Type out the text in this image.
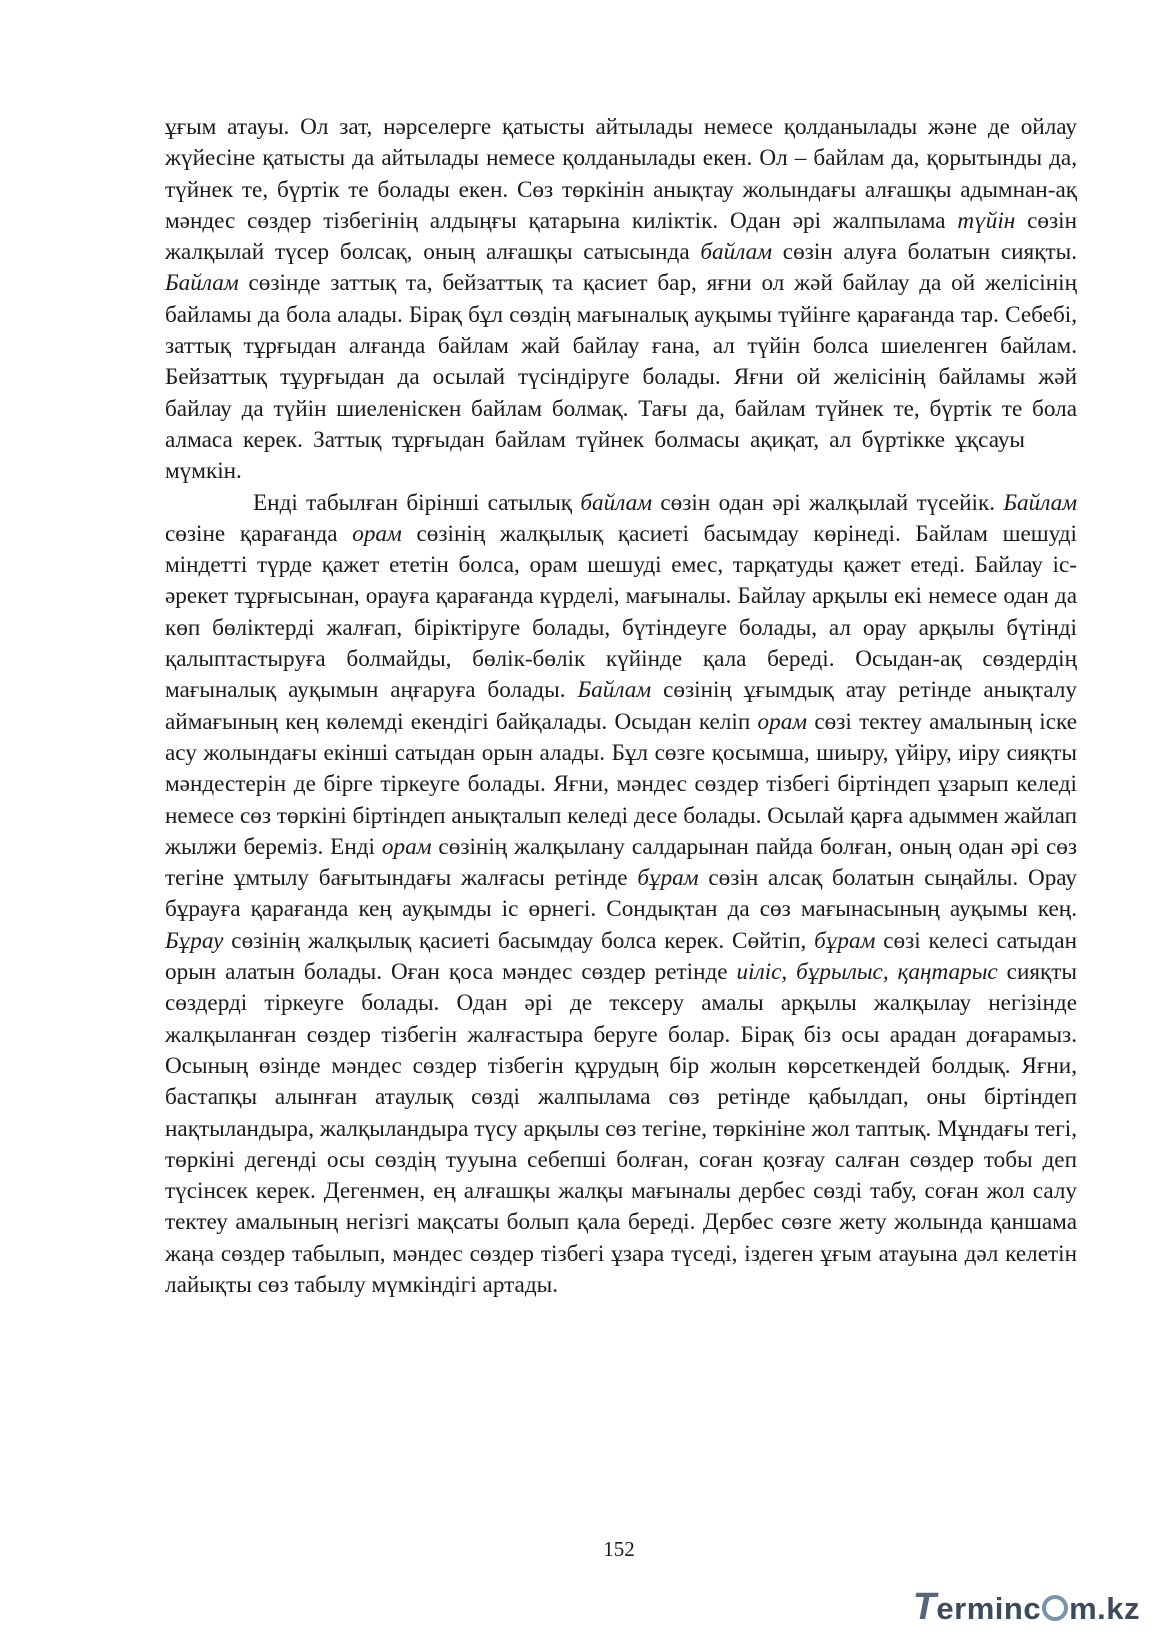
ұғым атауы. Ол зат, нәрселерге қатысты айтылады немесе қолданылады және де ойлау жүйесіне қатысты да айтылады немесе қолданылады екен. Ол – байлам да, қорытынды да, түйнек те, бүртік те болады екен. Сөз төркінін анықтау жолындағы алғашқы адымнан-ақ мәндес сөздер тізбегінің алдыңғы қатарына киліктік. Одан әрі жалпылама түйін сөзін жалқылай түсер болсақ, оның алғашқы сатысында байлам сөзін алуға болатын сияқты. Байлам сөзінде заттық та, бейзаттық та қасиет бар, яғни ол жәй байлау да ой желісінің байламы да бола алады. Бірақ бұл сөздің мағыналық ауқымы түйінге қарағанда тар. Себебі, заттық тұрғыдан алғанда байлам жай байлау ғана, ал түйін болса шиеленген байлам. Бейзаттық тұурғыдан да осылай түсіндіруге болады. Яғни ой желісінің байламы жәй байлау да түйін шиеленіскен байлам болмақ. Тағы да, байлам түйнек те, бүртік те бола алмаса керек. Заттық тұрғыдан байлам түйнек болмасы ақиқат, ал бүртікке ұқсауымүмкін.

Енді табылған бірінші сатылық байлам сөзін одан әрі жалқылай түсейік. Байлам сөзіне қарағанда орам сөзінің жалқылық қасиеті басымдау көрінеді. Байлам шешуді міндетті түрде қажет ететін болса, орам шешуді емес, тарқатуды қажет етеді. Байлау іс-әрекет тұрғысынан, орауға қарағанда күрделі, мағыналы. Байлау арқылы екі немесе одан да көп бөліктерді жалғап, біріктіруге болады, бүтіндеуге болады, ал орау арқылы бүтінді қалыптастыруға болмайды, бөлік-бөлік күйінде қала береді. Осыдан-ақ сөздердің мағыналық ауқымын аңғаруға болады. Байлам сөзінің ұғымдық атау ретінде анықталу аймағының кең көлемді екендігі байқалады. Осыдан келіп орам сөзі тектеу амалының іске асу жолындағы екінші сатыдан орын алады. Бұл сөзге қосымша, шиыру, үйіру, иіру сияқты мәндестерін де бірге тіркеуге болады. Яғни, мәндес сөздер тізбегі біртіндеп ұзарып келеді немесе сөз төркіні біртіндеп анықталып келеді десе болады. Осылай қарға адыммен жайлап жылжи береміз. Енді орам сөзінің жалқылану салдарынан пайда болған, оның одан әрі сөз тегіне ұмтылу бағытындағы жалғасы ретінде бұрам сөзін алсақ болатын сыңайлы. Орау бұрауға қарағанда кең ауқымды іс өрнегі. Сондықтан да сөз мағынасының ауқымы кең. Бұрау сөзінің жалқылық қасиеті басымдау болса керек. Сөйтіп, бұрам сөзі келесі сатыдан орын алатын болады. Оған қоса мәндес сөздер ретінде иіліс, бұрылыс, қаңтарыс сияқты сөздерді тіркеуге болады. Одан әрі де тексеру амалы арқылы жалқылау негізінде жалқыланған сөздер тізбегін жалғастыра беруге болар. Бірақ біз осы арадан доғарамыз. Осының өзінде мәндес сөздер тізбегін құрудың бір жолын көрсеткендей болдық. Яғни, бастапқы алынған атаулық сөзді жалпылама сөз ретінде қабылдап, оны біртіндеп нақтыландыра, жалқыландыра түсу арқылы сөз тегіне, төркініне жол таптық. Мұндағы тегі, төркіні дегенді осы сөздің тууына себепші болған, соған қозғау салған сөздер тобы деп түсінсек керек. Дегенмен, ең алғашқы жалқы мағыналы дербес сөзді табу, соған жол салу тектеу амалының негізгі мақсаты болып қала береді. Дербес сөзге жету жолында қаншама жаңа сөздер табылып, мәндес сөздер тізбегі ұзара түседі, іздеген ұғым атауына дәл келетін лайықты сөз табылу мүмкіндігі артады.

152
Terminc m.kz
